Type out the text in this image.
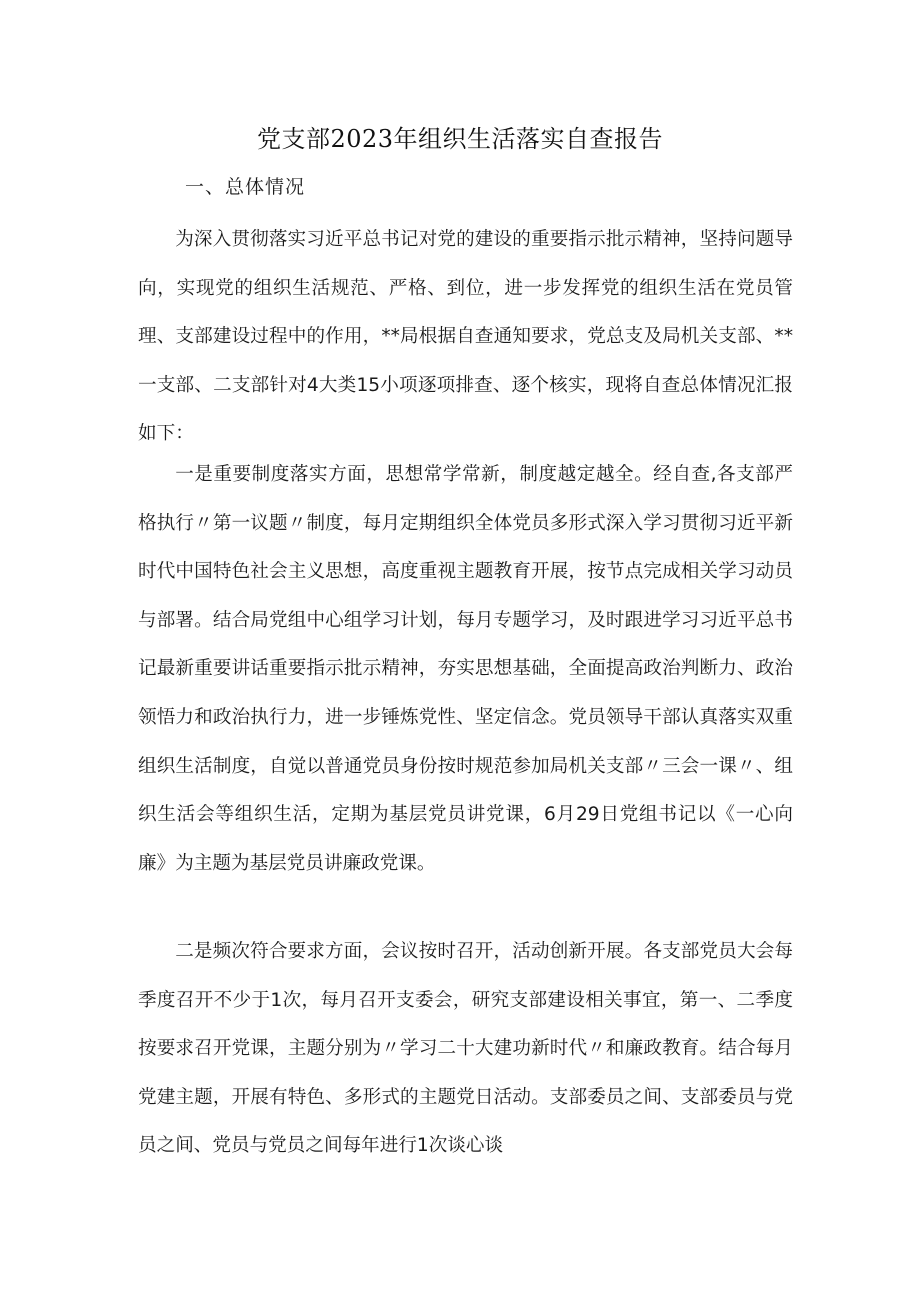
党支部2023年组织生活落实自查报告

一、总体情况

为深入贯彻落实习近平总书记对党的建设的重要指示批示精神，坚持问题导向，实现党的组织生活规范、严格、到位，进一步发挥党的组织生活在党员管理、支部建设过程中的作用，**局根据自查通知要求，党总支及局机关支部、**一支部、二支部针对4大类15小项逐项排查、逐个核实，现将自查总体情况汇报如下：

一是重要制度落实方面，思想常学常新，制度越定越全。经自查,各支部严格执行〃第一议题〃制度，每月定期组织全体党员多形式深入学习贯彻习近平新时代中国特色社会主义思想，高度重视主题教育开展，按节点完成相关学习动员与部署。结合局党组中心组学习计划，每月专题学习，及时跟进学习习近平总书记最新重要讲话重要指示批示精神，夯实思想基础，全面提高政治判断力、政治领悟力和政治执行力，进一步锤炼党性、坚定信念。党员领导干部认真落实双重组织生活制度，自觉以普通党员身份按时规范参加局机关支部〃三会一课〃、组织生活会等组织生活，定期为基层党员讲党课，6月29日党组书记以《一心向廉》为主题为基层党员讲廉政党课。

二是频次符合要求方面，会议按时召开，活动创新开展。各支部党员大会每季度召开不少于1次，每月召开支委会，研究支部建设相关事宜，第一、二季度按要求召开党课，主题分别为〃学习二十大建功新时代〃和廉政教育。结合每月党建主题，开展有特色、多形式的主题党日活动。支部委员之间、支部委员与党员之间、党员与党员之间每年进行1次谈心谈
